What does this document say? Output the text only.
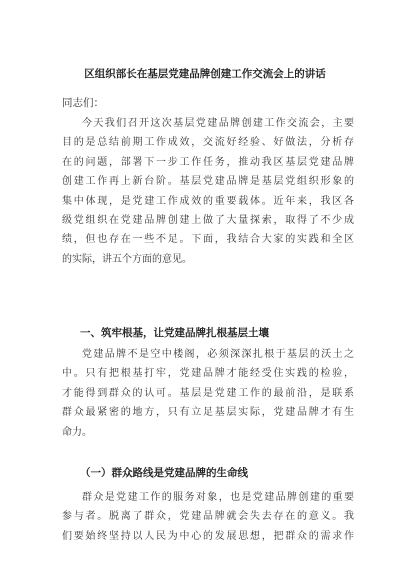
区组织部长在基层党建品牌创建工作交流会上的讲话
同志们：
今天我们召开这次基层党建品牌创建工作交流会，主要
目的是总结前期工作成效，交流好经验、好做法，分析存
在的问题，部署下一步工作任务，推动我区基层党建品牌
创建工作再上新台阶。基层党建品牌是基层党组织形象的
集中体现，是党建工作成效的重要载体。近年来，我区各
级党组织在党建品牌创建上做了大量探索，取得了不少成
绩，但也存在一些不足。下面，我结合大家的实践和全区
的实际，讲五个方面的意见。
一、筑牢根基，让党建品牌扎根基层土壤
党建品牌不是空中楼阁，必须深深扎根于基层的沃土之
中。只有把根基打牢，党建品牌才能经受住实践的检验，
才能得到群众的认可。基层是党建工作的最前沿，是联系
群众最紧密的地方，只有立足基层实际，党建品牌才有生
命力。
（一）群众路线是党建品牌的生命线
群众是党建工作的服务对象，也是党建品牌创建的重要
参与者。脱离了群众，党建品牌就会失去存在的意义。我
们要始终坚持以人民为中心的发展思想，把群众的需求作
